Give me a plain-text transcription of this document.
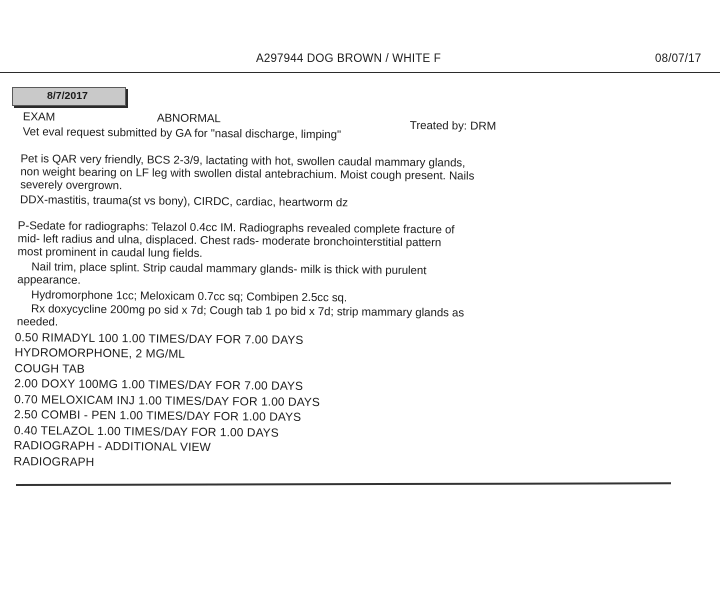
A297944 DOG BROWN / WHITE F	08/07/17
8/7/2017
EXAM	ABNORMAL
Treated by: DRM
Vet eval request submitted by GA for "nasal discharge, limping"
Pet is QAR very friendly, BCS 2-3/9, lactating with hot, swollen caudal mammary glands,
non weight bearing on LF leg with swollen distal antebrachium. Moist cough present. Nails
severely overgrown.
DDX-mastitis, trauma(st vs bony), CIRDC, cardiac, heartworm dz
P-Sedate for radiographs: Telazol 0.4cc IM. Radiographs revealed complete fracture of
mid- left radius and ulna, displaced. Chest rads- moderate bronchointerstitial pattern
most prominent in caudal lung fields.
Nail trim, place splint. Strip caudal mammary glands- milk is thick with purulent
appearance.
Hydromorphone 1cc; Meloxicam 0.7cc sq; Combipen 2.5cc sq.
Rx doxycycline 200mg po sid x 7d; Cough tab 1 po bid x 7d; strip mammary glands as
needed.
0.50 RIMADYL 100 1.00 TIMES/DAY FOR 7.00 DAYS
HYDROMORPHONE, 2 MG/ML
COUGH TAB
2.00 DOXY 100MG 1.00 TIMES/DAY FOR 7.00 DAYS
0.70 MELOXICAM INJ 1.00 TIMES/DAY FOR 1.00 DAYS
2.50 COMBI - PEN 1.00 TIMES/DAY FOR 1.00 DAYS
0.40 TELAZOL 1.00 TIMES/DAY FOR 1.00 DAYS
RADIOGRAPH - ADDITIONAL VIEW
RADIOGRAPH
